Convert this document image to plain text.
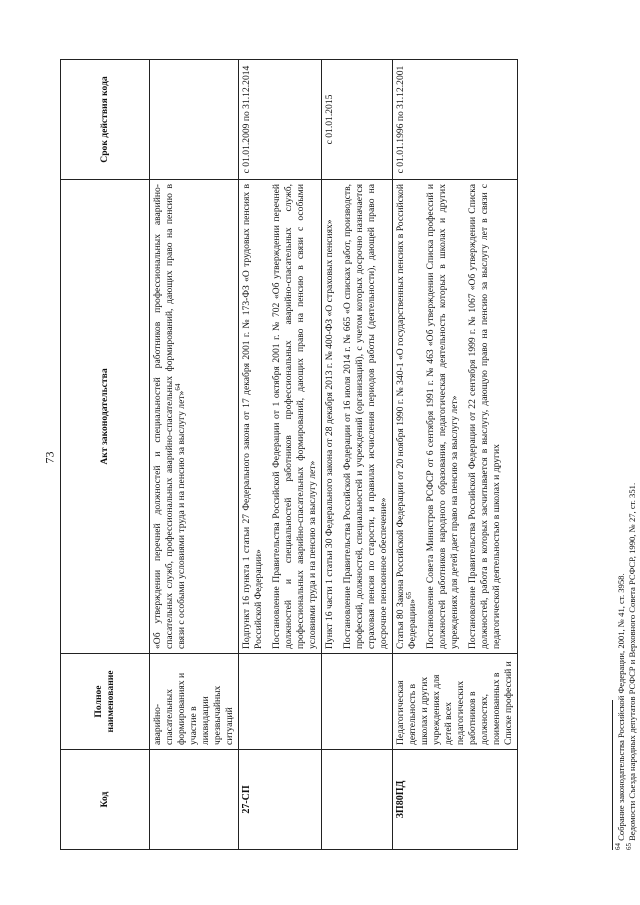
73
Код	Полное наименование	Акт законодательства	Срок действия кода
	аварийно-спасательных формированиях и участие в ликвидации чрезвычайных ситуаций	«Об утверждении перечней должностей и специальностей работников профессиональных аварийно-спасательных служб, профессиональных аварийно-спасательных формирований, дающих право на пенсию в связи с особыми условиями труда и на пенсию за выслугу лет»$^{64}$

27-СП		Подпункт 16 пункта 1 статьи 27 Федерального закона от 17 декабря 2001 г. № 173-ФЗ «О трудовых пенсиях в Российской Федерации» Постановление Правительства Российской Федерации от 1 октября 2001 г. № 702 «Об утверждении перечней должностей и специальностей работников профессиональных аварийно-спасательных служб, профессиональных аварийно-спасательных формирований, дающих право на пенсию в связи с особыми условиями труда и на пенсию за выслугу лет»	с 01.01.2009 по 31.12.2014

		Пункт 16 части 1 статьи 30 Федерального закона от 28 декабря 2013 г. № 400-ФЗ «О страховых пенсиях» Постановление Правительства Российской Федерации от 16 июля 2014 г. № 665 «О списках работ, производств, профессий, должностей, специальностей и учреждений (организаций), с учетом которых досрочно назначается страховая пенсия по старости, и правилах исчисления периодов работы (деятельности), дающей право на досрочное пенсионное обеспечение»	с 01.01.2015
ЗП80ПД	Педагогическая деятельность в школах и других учреждениях для детей всех педагогических работников в должностях, поименованных в Списке профессий и	Статья 80 Закона Российской Федерации от 20 ноября 1990 г. № 340-1 «О государственных пенсиях в Российской Федерации»$^{65}$ Постановление Совета Министров РСФСР от 6 сентября 1991 г. № 463 «Об утверждении Списка профессий и должностей работников народного образования, педагогическая деятельность которых в школах и других учреждениях для детей дает право на пенсию за выслугу лет» Постановление Правительства Российской Федерации от 22 сентября 1999 г. № 1067 «Об утверждении Списка должностей, работа в которых засчитывается в выслугу, дающую право на пенсию за выслугу лет в связи с педагогической деятельностью в школах и других	с 01.01.1996 по 31.12.2001
$^{64}$ Собрание законодательства Российской Федерации, 2001, № 41, ст. 3958.
$^{65}$ Ведомости Съезда народных депутатов РСФСР и Верховного Совета РСФСР, 1990, № 27, ст. 351.
